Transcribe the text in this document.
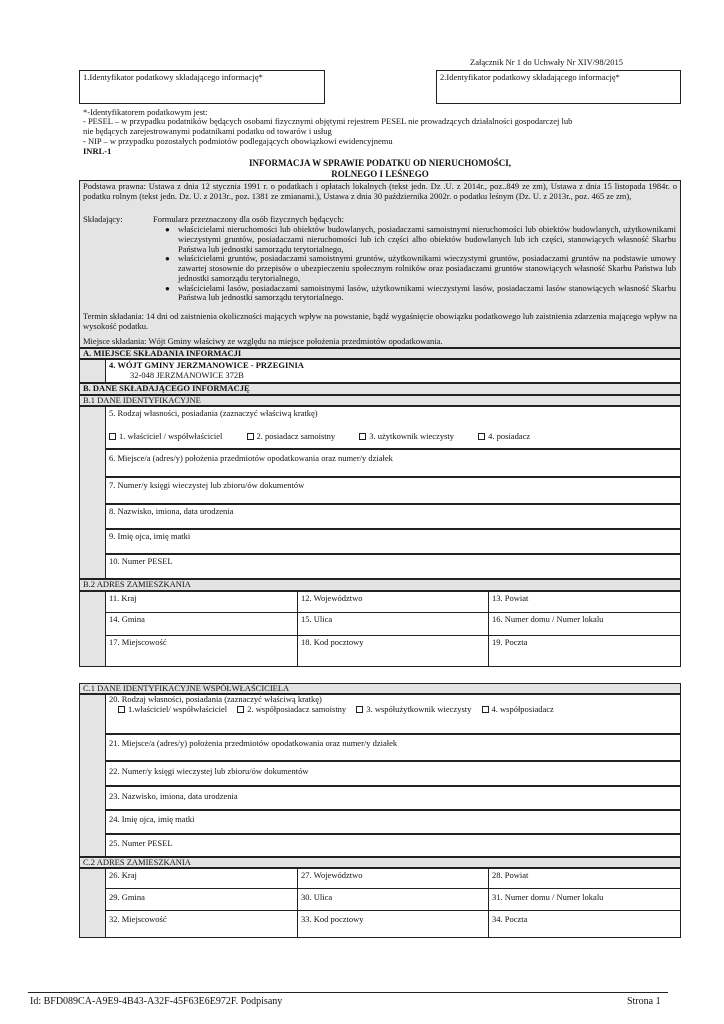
Załącznik Nr 1 do Uchwały Nr XIV/98/2015
1.Identyfikator podatkowy składającego informację*	2.Identyfikator podatkowy składającego informację*
*-Identyfikatorem podatkowym jest:
- PESEL – w przypadku podatników będących osobami fizycznymi objętymi rejestrem PESEL nie prowadzących działalności gospodarczej lub
nie będących zarejestrowanymi podatnikami podatku od towarów i usług
- NIP – w przypadku pozostałych podmiotów podlegających obowiązkowi ewidencyjnemu
INRL-1
INFORMACJA W SPRAWIE PODATKU OD NIERUCHOMOŚCI,
ROLNEGO I LEŚNEGO
Podstawa prawna: Ustawa z dnia 12 stycznia 1991 r. o podatkach i opłatach lokalnych (tekst jedn. Dz .U. z 2014r., poz..849 ze zm), Ustawa z dnia 15 listopada 1984r. o podatku rolnym (tekst jedn. Dz. U. z 2013r., poz. 1381 ze zmianami.), Ustawa z dnia 30 października 2002r. o podatku leśnym (Dz. U. z 2013r., poz. 465 ze zm),
Składający:	Formularz przeznaczony dla osób fizycznych będących:
● właścicielami nieruchomości lub obiektów budowlanych, posiadaczami samoistnymi nieruchomości lub obiektów budowlanych, użytkownikami wieczystymi gruntów, posiadaczami nieruchomości lub ich części albo obiektów budowlanych lub ich części, stanowiących własność Skarbu Państwa lub jednostki samorządu terytorialnego,
● właścicielami gruntów, posiadaczami samoistnymi gruntów, użytkownikami wieczystymi gruntów, posiadaczami gruntów na podstawie umowy zawartej stosownie do przepisów o ubezpieczeniu społecznym rolników oraz posiadaczami gruntów stanowiących własność Skarbu Państwa lub jednostki samorządu terytorialnego,
● właścicielami lasów, posiadaczami samoistnymi lasów, użytkownikami wieczystymi lasów, posiadaczami lasów stanowiących własność Skarbu Państwa lub jednostki samorządu terytorialnego.
Termin składania: 14 dni od zaistnienia okoliczności mających wpływ na powstanie, bądź wygaśnięcie obowiązku podatkowego lub zaistnienia zdarzenia mającego wpływ na wysokość podatku.
Miejsce składania: Wójt Gminy właściwy ze względu na miejsce położenia przedmiotów opodatkowania.
A. MIEJSCE SKŁADANIA INFORMACJI
4. WÓJT GMINY JERZMANOWICE - PRZEGINIA
32-048 JERZMANOWICE 372B
B. DANE SKŁADAJĄCEGO INFORMACJĘ
B.1 DANE IDENTYFIKACYJNE
5. Rodzaj własności, posiadania (zaznaczyć właściwą kratkę)
1. właściciel / współwłaściciel	2. posiadacz samoistny	3. użytkownik wieczysty	4. posiadacz
6. Miejsce/a (adres/y) położenia przedmiotów opodatkowania oraz numer/y działek
7. Numer/y księgi wieczystej lub zbioru/ów dokumentów
8. Nazwisko, imiona, data urodzenia
9. Imię ojca, imię matki
10. Numer PESEL
B.2 ADRES ZAMIESZKANIA
11. Kraj	12. Województwo	13. Powiat
14. Gmina	15. Ulica	16. Numer domu / Numer lokalu
17. Miejscowość	18. Kod pocztowy	19. Poczta
C.1 DANE IDENTYFIKACYJNE WSPÓŁWŁAŚCICIELA
20. Rodzaj własności, posiadania (zaznaczyć właściwą kratkę)
1.właściciel/ współwłaściciel 2. współposiadacz samoistny 3. współużytkownik wieczysty 4. współposiadacz
21. Miejsce/a (adres/y) położenia przedmiotów opodatkowania oraz numer/y działek
22. Numer/y księgi wieczystej lub zbioru/ów dokumentów
23. Nazwisko, imiona, data urodzenia
24. Imię ojca, imię matki
25. Numer PESEL
C.2 ADRES ZAMIESZKANIA
26. Kraj	27. Województwo	28. Powiat
29. Gmina	30. Ulica	31. Numer domu / Numer lokalu
32. Miejscowość	33. Kod pocztowy	34. Poczta
Id: BFD089CA-A9E9-4B43-A32F-45F63E6E972F. Podpisany	Strona 1
